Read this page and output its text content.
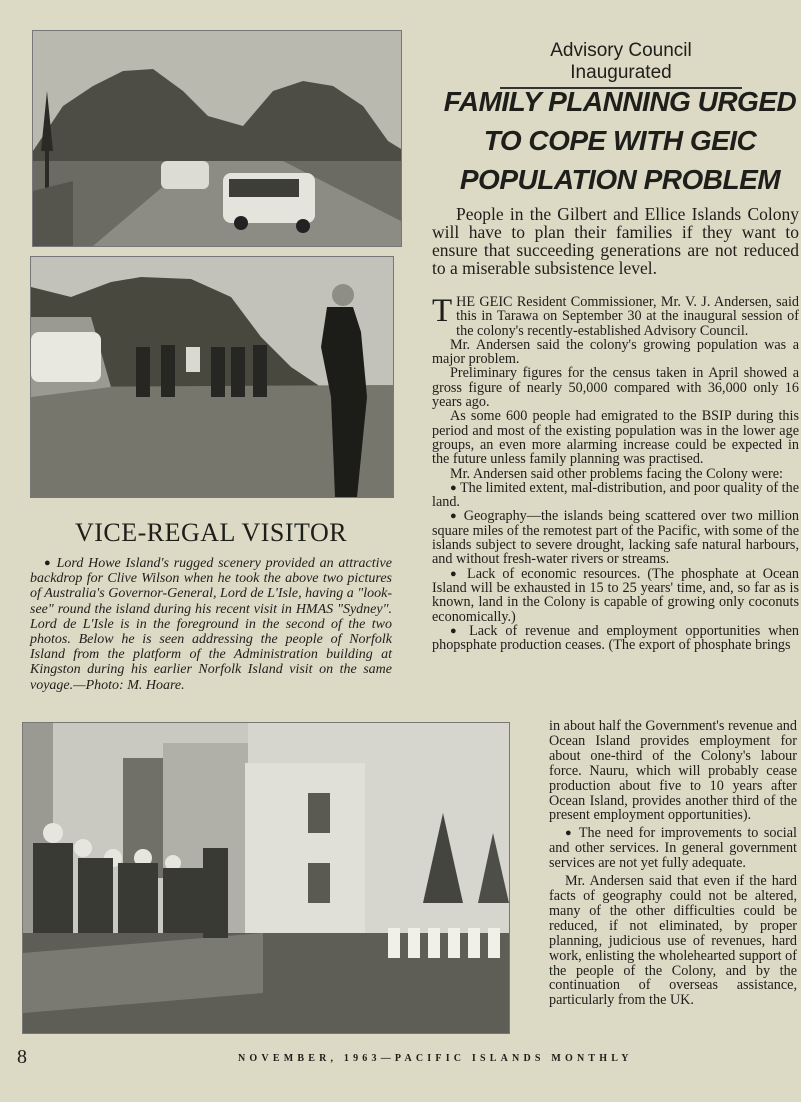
Advisory Council Inaugurated
FAMILY PLANNING URGED
TO COPE WITH GEIC
POPULATION PROBLEM

People in the Gilbert and Ellice Islands Colony will have to plan their families if they want to ensure that succeeding generations are not reduced to a miserable subsistence level.

THE GEIC Resident Commissioner, Mr. V. J. Andersen, said this in Tarawa on September 30 at the inaugural session of the colony's recently-established Advisory Council.

Mr. Andersen said the colony's growing population was a major problem.

Preliminary figures for the census taken in April showed a gross figure of nearly 50,000 compared with 36,000 only 16 years ago.

As some 600 people had emigrated to the BSIP during this period and most of the existing population was in the lower age groups, an even more alarming increase could be expected in the future unless family planning was practised.

Mr. Andersen said other problems facing the Colony were:

● The limited extent, mal-distribution, and poor quality of the land.

● Geography—the islands being scattered over two million square miles of the remotest part of the Pacific, with some of the islands subject to severe drought, lacking safe natural harbours, and without fresh-water rivers or streams.

● Lack of economic resources. (The phosphate at Ocean Island will be exhausted in 15 to 25 years' time, and, so far as is known, land in the Colony is capable of growing only coconuts economically.)

● Lack of revenue and employment opportunities when phopsphate production ceases. (The export of phosphate brings

in about half the Government's revenue and Ocean Island provides employment for about one-third of the Colony's labour force. Nauru, which will probably cease production about five to 10 years after Ocean Island, provides another third of the present employment opportunities).

● The need for improvements to social and other services. In general government services are not yet fully adequate.

Mr. Andersen said that even if the hard facts of geography could not be altered, many of the other difficulties could be reduced, if not eliminated, by proper planning, judicious use of revenues, hard work, enlisting the wholehearted support of the people of the Colony, and by the continuation of overseas assistance, particularly from the UK.

VICE-REGAL VISITOR

● Lord Howe Island's rugged scenery provided an attractive backdrop for Clive Wilson when he took the above two pictures of Australia's Governor-General, Lord de L'Isle, having a "look-see" round the island during his recent visit in HMAS "Sydney". Lord de L'Isle is in the foreground in the second of the two photos. Below he is seen addressing the people of Norfolk Island from the platform of the Administration building at Kingston during his earlier Norfolk Island visit on the same voyage.—Photo: M. Hoare.

8	NOVEMBER, 1963—PACIFIC ISLANDS MONTHLY
